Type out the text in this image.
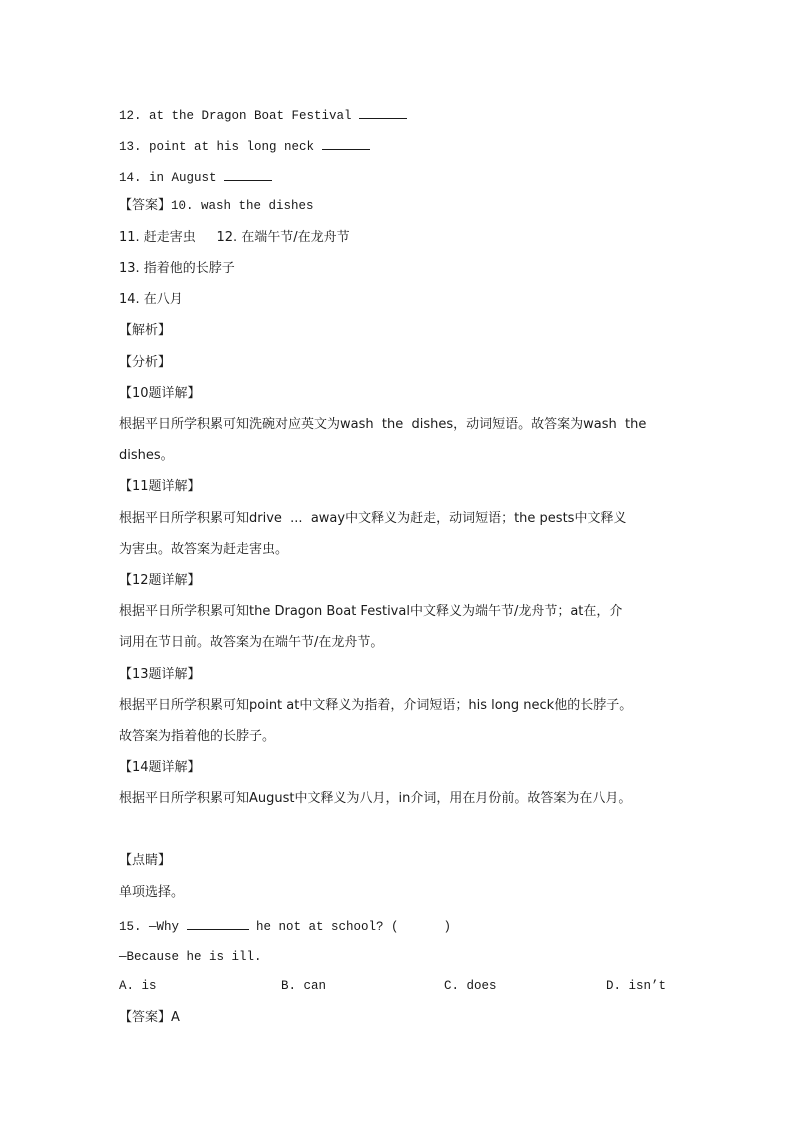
12. at the Dragon Boat Festival
13. point at his long neck
14. in August
【答案】10. wash the dishes
11. 赶走害虫 12. 在端午节/在龙舟节
13. 指着他的长脖子
14. 在八月
【解析】
【分析】
【10题详解】
根据平日所学积累可知洗碗对应英文为wash  the  dishes，动词短语。故答案为wash  the
dishes。
【11题详解】
根据平日所学积累可知drive  ...  away中文释义为赶走，动词短语；the pests中文释义
为害虫。故答案为赶走害虫。
【12题详解】
根据平日所学积累可知the Dragon Boat Festival中文释义为端午节/龙舟节；at在，介
词用在节日前。故答案为在端午节/在龙舟节。
【13题详解】
根据平日所学积累可知point at中文释义为指着，介词短语；his long neck他的长脖子。
故答案为指着他的长脖子。
【14题详解】
根据平日所学积累可知August中文释义为八月，in介词，用在月份前。故答案为在八月。
【点睛】
单项选择。
15. —Why	he not at school? (      )
—Because he is ill.
A. is	B. can	C. does	D. isn’t
【答案】A
